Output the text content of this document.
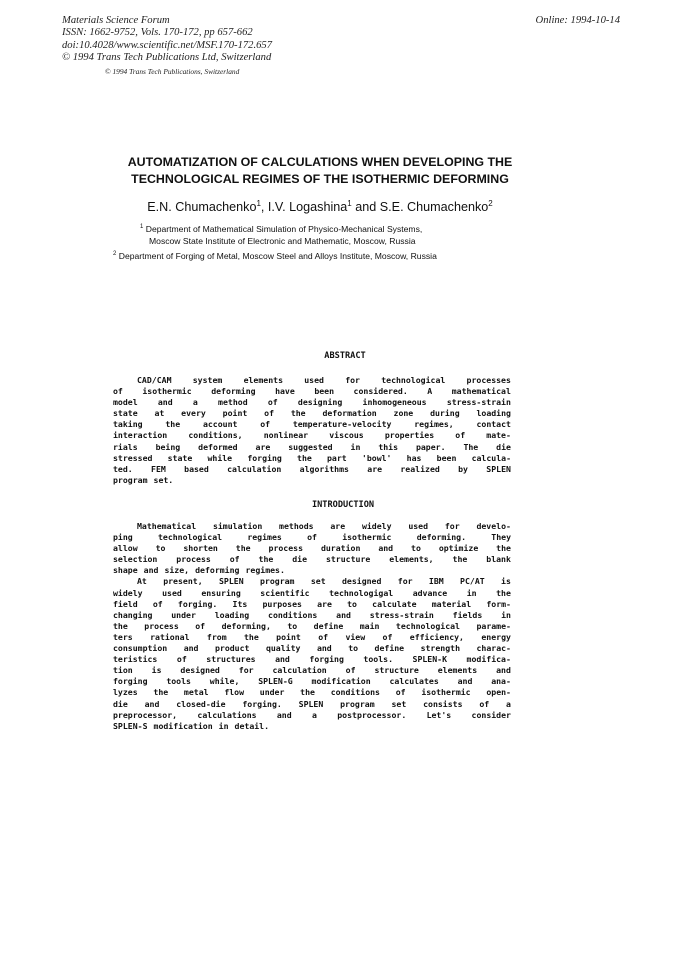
Materials Science Forum
ISSN: 1662-9752, Vols. 170-172, pp 657-662
doi:10.4028/www.scientific.net/MSF.170-172.657
© 1994 Trans Tech Publications Ltd, Switzerland
Online: 1994-10-14
© 1994 Trans Tech Publications, Switzerland
AUTOMATIZATION OF CALCULATIONS WHEN DEVELOPING THE
TECHNOLOGICAL REGIMES OF THE ISOTHERMIC DEFORMING
E.N. Chumachenko$^1$, I.V. Logashina$^1$ and S.E. Chumachenko$^2$
$^1$ Department of Mathematical Simulation of Physico-Mechanical Systems,
Moscow State Institute of Electronic and Mathematic, Moscow, Russia
$^2$ Department of Forging of Metal, Moscow Steel and Alloys Institute, Moscow, Russia
ABSTRACT
CAD/CAM	system	elements	used	for	technological	processes
of isothermic deforming have been considered. A mathematical
model and a method of designing inhomogeneous stress-strain
state at every point of the deformation zone during loading
taking	the	account	of	temperature-velocity	regimes,	contact
interaction	conditions,	nonlinear	viscous	properties	of	mate-
rials being deformed are suggested in this paper. The die
stressed state while forging the part 'bowl' has been calcula-
ted. FEM based calculation algorithms are realized by SPLEN
program set.
INTRODUCTION
Mathematical simulation methods are widely used for develo-
ping	technological	regimes	of	isothermic	deforming.	They
allow to shorten the process duration and to optimize the
selection process of the die structure elements, the blank
shape and size, deforming regimes.
At present, SPLEN program set designed for IBM PC/AT is
widely used ensuring scientific technologigal advance in the
field of forging. Its purposes are to calculate material form-
changing under loading conditions and stress-strain fields in
the process of deforming, to define main technological parame-
ters rational from the point of view of efficiency, energy
consumption and product quality and to define strength charac-
teristics of structures and forging tools. SPLEN-K modifica-
tion is designed for calculation of structure elements and
forging tools while, SPLEN-G modification calculates and ana-
lyzes the metal flow under the conditions of isothermic open-
die and closed-die forging. SPLEN program set consists of a
preprocessor, calculations and a postprocessor. Let's consider
SPLEN-S modification in detail.
